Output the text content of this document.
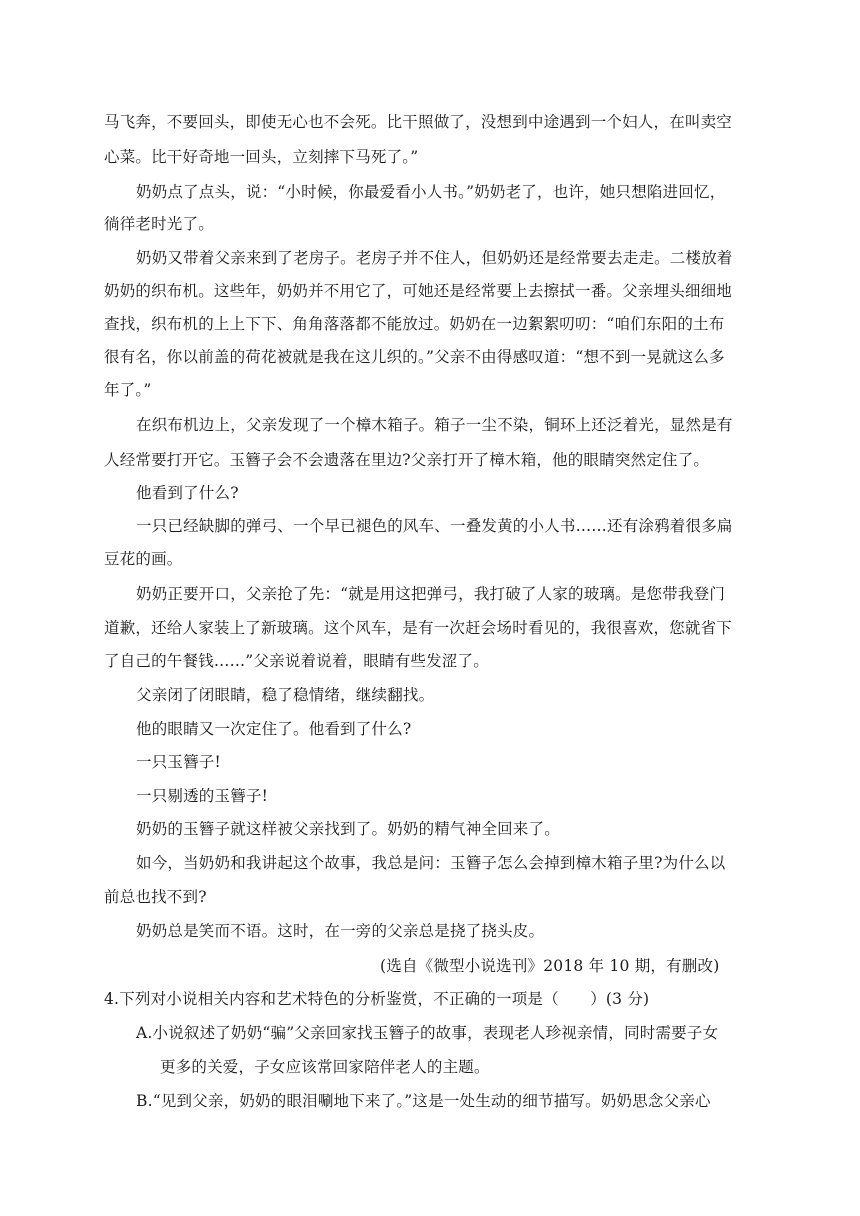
马飞奔，不要回头，即使无心也不会死。比干照做了，没想到中途遇到一个妇人，在叫卖空
心菜。比干好奇地一回头，立刻摔下马死了。”
奶奶点了点头，说：“小时候，你最爱看小人书。”奶奶老了，也许，她只想陷进回忆，
徜徉老时光了。
奶奶又带着父亲来到了老房子。老房子并不住人，但奶奶还是经常要去走走。二楼放着
奶奶的织布机。这些年，奶奶并不用它了，可她还是经常要上去擦拭一番。父亲埋头细细地
查找，织布机的上上下下、角角落落都不能放过。奶奶在一边絮絮叨叨：“咱们东阳的土布
很有名，你以前盖的荷花被就是我在这儿织的。”父亲不由得感叹道：“想不到一晃就这么多
年了。”
在织布机边上，父亲发现了一个樟木箱子。箱子一尘不染，铜环上还泛着光，显然是有
人经常要打开它。玉簪子会不会遗落在里边?父亲打开了樟木箱，他的眼睛突然定住了。
他看到了什么?
一只已经缺脚的弹弓、一个早已褪色的风车、一叠发黄的小人书……还有涂鸦着很多扁
豆花的画。
奶奶正要开口，父亲抢了先：“就是用这把弹弓，我打破了人家的玻璃。是您带我登门
道歉，还给人家装上了新玻璃。这个风车，是有一次赶会场时看见的，我很喜欢，您就省下
了自己的午餐钱……”父亲说着说着，眼睛有些发涩了。
父亲闭了闭眼睛，稳了稳情绪，继续翻找。
他的眼睛又一次定住了。他看到了什么?
一只玉簪子!
一只剔透的玉簪子!
奶奶的玉簪子就这样被父亲找到了。奶奶的精气神全回来了。
如今，当奶奶和我讲起这个故事，我总是问：玉簪子怎么会掉到樟木箱子里?为什么以
前总也找不到?
奶奶总是笑而不语。这时，在一旁的父亲总是挠了挠头皮。
(选自《微型小说选刊》2018 年 10 期，有删改)
4.下列对小说相关内容和艺术特色的分析鉴赏，不正确的一项是（　　）(3 分)
A.小说叙述了奶奶“骗”父亲回家找玉簪子的故事，表现老人珍视亲情，同时需要子女
更多的关爱，子女应该常回家陪伴老人的主题。
B.“见到父亲，奶奶的眼泪唰地下来了。”这是一处生动的细节描写。奶奶思念父亲心
